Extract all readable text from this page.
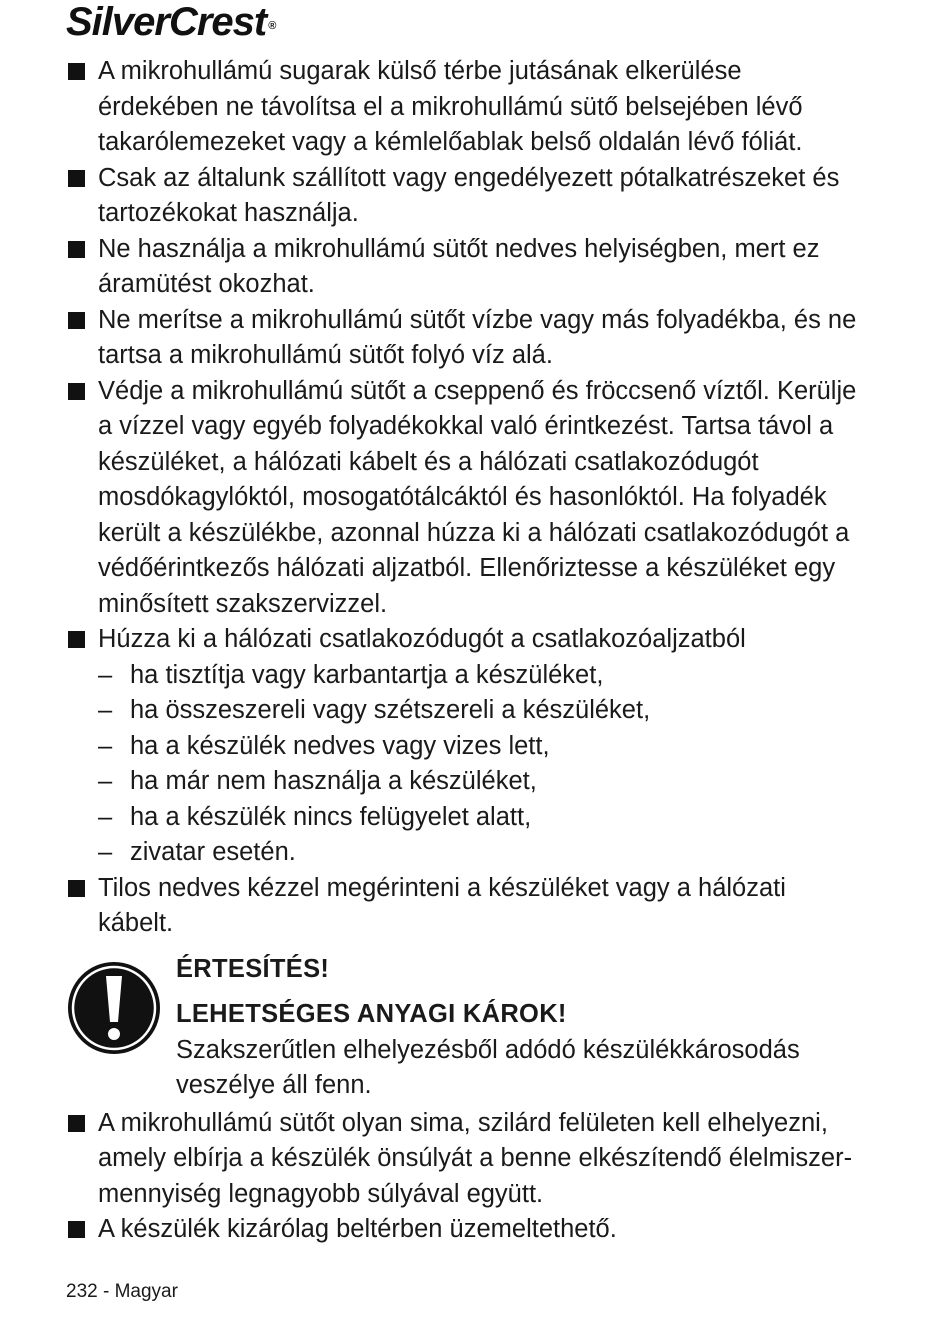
SilverCrest ®
A mikrohullámú sugarak külső térbe jutásának elkerülése érdekében ne távolítsa el a mikrohullámú sütő belsejében lévő takarólemezeket vagy a kémlelőablak belső oldalán lévő fóliát.
Csak az általunk szállított vagy engedélyezett pótalkatrészeket és tartozékokat használja.
Ne használja a mikrohullámú sütőt nedves helyiségben, mert ez áramütést okozhat.
Ne merítse a mikrohullámú sütőt vízbe vagy más folyadékba, és ne tartsa a mikrohullámú sütőt folyó víz alá.
Védje a mikrohullámú sütőt a cseppenő és fröccsenő víztől. Kerülje a vízzel vagy egyéb folyadékokkal való érintkezést. Tartsa távol a készüléket, a hálózati kábelt és a hálózati csatlakozódugót mosdókagylóktól, mosogatótálcáktól és hasonlóktól. Ha folyadék került a készülékbe, azonnal húzza ki a hálózati csatlakozódugót a védőérintkezős hálózati aljzatból. Ellenőriztesse a készüléket egy minősített szakszervizzel.
Húzza ki a hálózati csatlakozódugót a csatlakozóaljzatból
– ha tisztítja vagy karbantartja a készüléket,
– ha összeszereli vagy szétszereli a készüléket,
– ha a készülék nedves vagy vizes lett,
– ha már nem használja a készüléket,
– ha a készülék nincs felügyelet alatt,
– zivatar esetén.
Tilos nedves kézzel megérinteni a készüléket vagy a hálózati kábelt.
ÉRTESÍTÉS!
LEHETSÉGES ANYAGI KÁROK!
Szakszerűtlen elhelyezésből adódó készülékkárosodás veszélye áll fenn.
A mikrohullámú sütőt olyan sima, szilárd felületen kell elhelyezni, amely elbírja a készülék önsúlyát a benne elkészítendő élelmiszer-mennyiség legnagyobb súlyával együtt.
A készülék kizárólag beltérben üzemeltethető.
232 - Magyar
